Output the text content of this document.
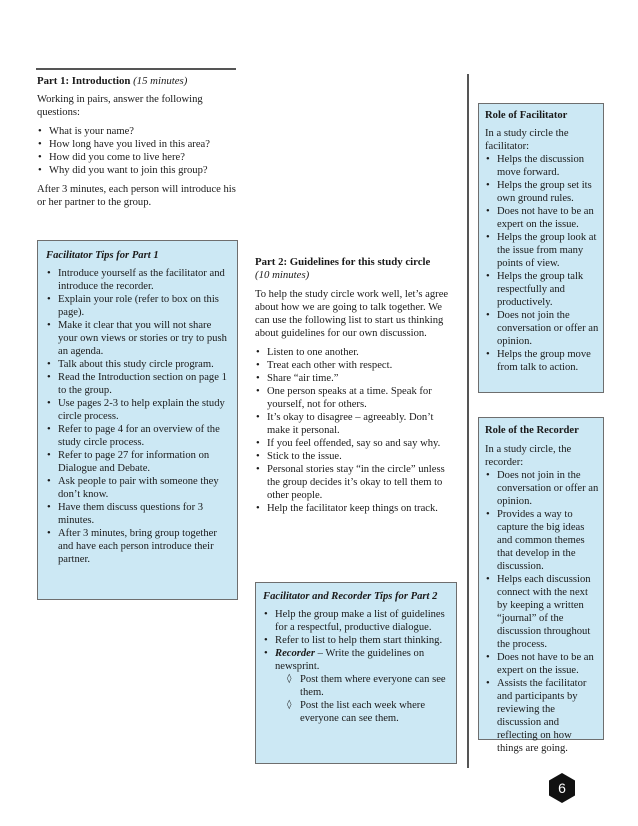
Part 1: Introduction (15 minutes)
Working in pairs, answer the following questions:
• What is your name?
• How long have you lived in this area?
• How did you come to live here?
• Why did you want to join this group?
After 3 minutes, each person will introduce his or her partner to the group.
Facilitator Tips for Part 1
• Introduce yourself as the facilitator and introduce the recorder.
• Explain your role (refer to box on this page).
• Make it clear that you will not share your own views or stories or try to push an agenda.
• Talk about this study circle program.
• Read the Introduction section on page 1 to the group.
• Use pages 2-3 to help explain the study circle process.
• Refer to page 4 for an overview of the study circle process.
• Refer to page 27 for information on Dialogue and Debate.
• Ask people to pair with someone they don’t know.
• Have them discuss questions for 3 minutes.
• After 3 minutes, bring group together and have each person introduce their partner.
Part 2: Guidelines for this study circle
(10 minutes)
To help the study circle work well, let’s agree about how we are going to talk together. We can use the following list to start us thinking about guidelines for our own discussion.
• Listen to one another.
• Treat each other with respect.
• Share “air time.”
• One person speaks at a time. Speak for yourself, not for others.
• It’s okay to disagree – agreeably. Don’t make it personal.
• If you feel offended, say so and say why.
• Stick to the issue.
• Personal stories stay “in the circle” unless the group decides it’s okay to tell them to other people.
• Help the facilitator keep things on track.
Facilitator and Recorder Tips for Part 2
• Help the group make a list of guidelines for a respectful, productive dialogue.
• Refer to list to help them start thinking.
• Recorder – Write the guidelines on newsprint.
◊ Post them where everyone can see them.
◊ Post the list each week where everyone can see them.
Role of Facilitator
In a study circle the facilitator:
• Helps the discussion move forward.
• Helps the group set its own ground rules.
• Does not have to be an expert on the issue.
• Helps the group look at the issue from many points of view.
• Helps the group talk respectfully and productively.
• Does not join the conversation or offer an opinion.
• Helps the group move from talk to action.
Role of the Recorder
In a study circle, the recorder:
• Does not join in the conversation or offer an opinion.
• Provides a way to capture the big ideas and common themes that develop in the discussion.
• Helps each discussion connect with the next by keeping a written “journal” of the discussion throughout the process.
• Does not have to be an expert on the issue.
• Assists the facilitator and participants by reviewing the discussion and reflecting on how things are going.
6
